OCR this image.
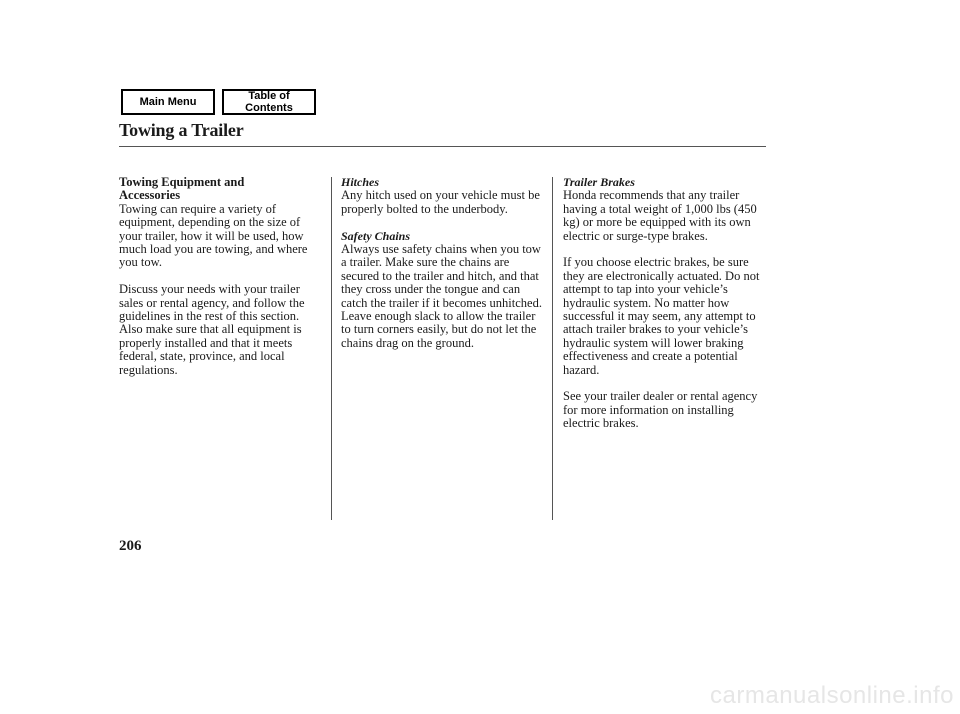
Main Menu	Table of Contents
Towing a Trailer
Towing Equipment and
Accessories

Towing can require a variety of equipment, depending on the size of your trailer, how it will be used, how much load you are towing, and where you tow.

Discuss your needs with your trailer sales or rental agency, and follow the guidelines in the rest of this section. Also make sure that all equipment is properly installed and that it meets federal, state, province, and local regulations.

Hitches

Any hitch used on your vehicle must be properly bolted to the underbody.

Safety Chains

Always use safety chains when you tow a trailer. Make sure the chains are secured to the trailer and hitch, and that they cross under the tongue and can catch the trailer if it becomes unhitched. Leave enough slack to allow the trailer to turn corners easily, but do not let the chains drag on the ground.

Trailer Brakes

Honda recommends that any trailer having a total weight of 1,000 lbs (450 kg) or more be equipped with its own electric or surge-type brakes.

If you choose electric brakes, be sure they are electronically actuated. Do not attempt to tap into your vehicle’s hydraulic system. No matter how successful it may seem, any attempt to attach trailer brakes to your vehicle’s hydraulic system will lower braking effectiveness and create a potential hazard.

See your trailer dealer or rental agency for more information on installing electric brakes.

206
carmanualsonline.info
